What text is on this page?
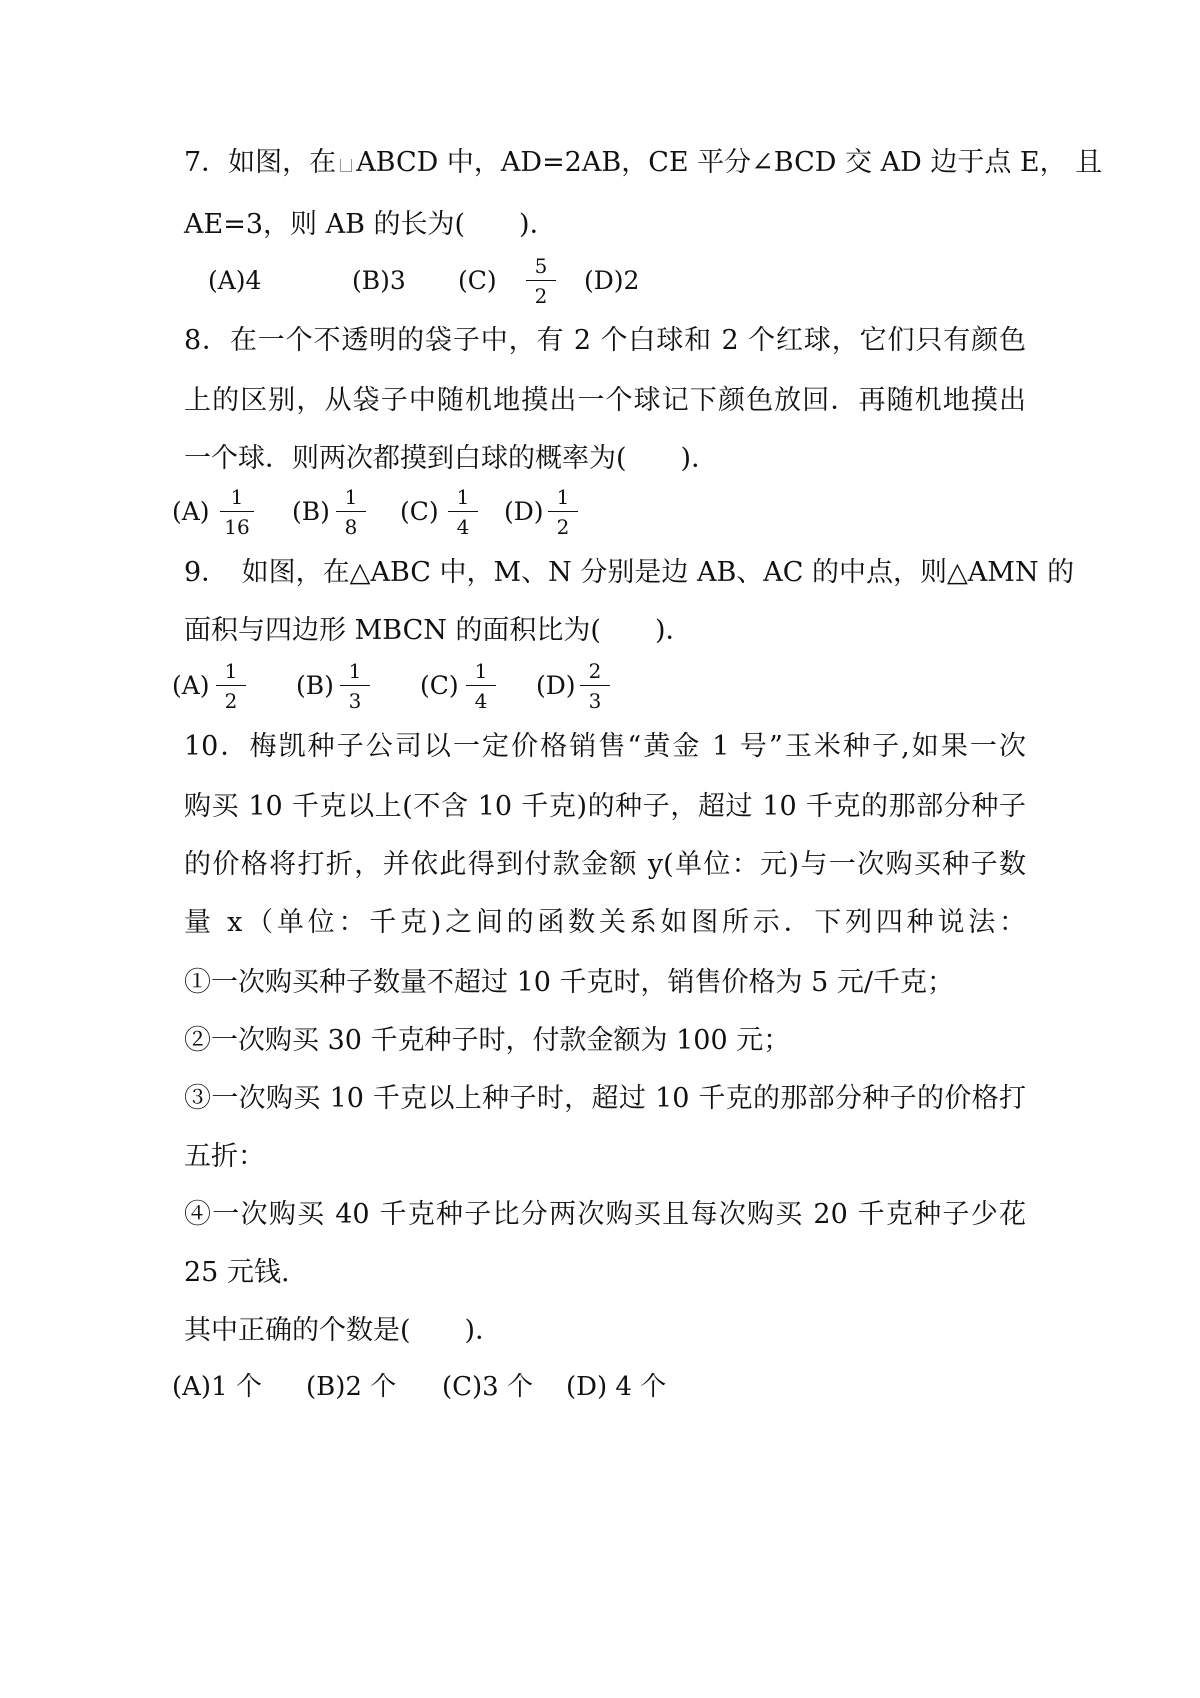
7．如图，在 ABCD 中，AD=2AB，CE 平分∠BCD 交 AD 边于点 E， 且
AE=3，则 AB 的长为(　　)．
(A)4	(B)3 (C)	5
2
(D)2
8．在一个不透明的袋子中，有 2 个白球和 2 个红球，它们只有颜色
上的区别，从袋子中随机地摸出一个球记下颜色放回．再随机地摸出
一个球．则两次都摸到白球的概率为(　　)．
(A)	1
16
(B) 1
8
(C) 1
4
(D) 1
2
9．　如图，在△ABC 中，M、N 分别是边 AB、AC 的中点，则△AMN 的
面积与四边形 MBCN 的面积比为(　　)．
(A) 1
2
(B) 1
3
(C) 1
4
(D) 2
3
10．梅凯种子公司以一定价格销售“黄金 1 号”玉米种子,如果一次
购买 10 千克以上(不含 10 千克)的种子，超过 10 千克的那部分种子
的价格将打折，并依此得到付款金额 y(单位：元)与一次购买种子数
量 x（单位：千克)之间的函数关系如图所示．下列四种说法：
①一次购买种子数量不超过 10 千克时，销售价格为 5 元/千克；
②一次购买 30 千克种子时，付款金额为 100 元；
③一次购买 10 千克以上种子时，超过 10 千克的那部分种子的价格打
五折：
④一次购买 40 千克种子比分两次购买且每次购买 20 千克种子少花
25 元钱.
其中正确的个数是(　　)．
(A)1 个 (B)2 个 (C)3 个 (D) 4 个
